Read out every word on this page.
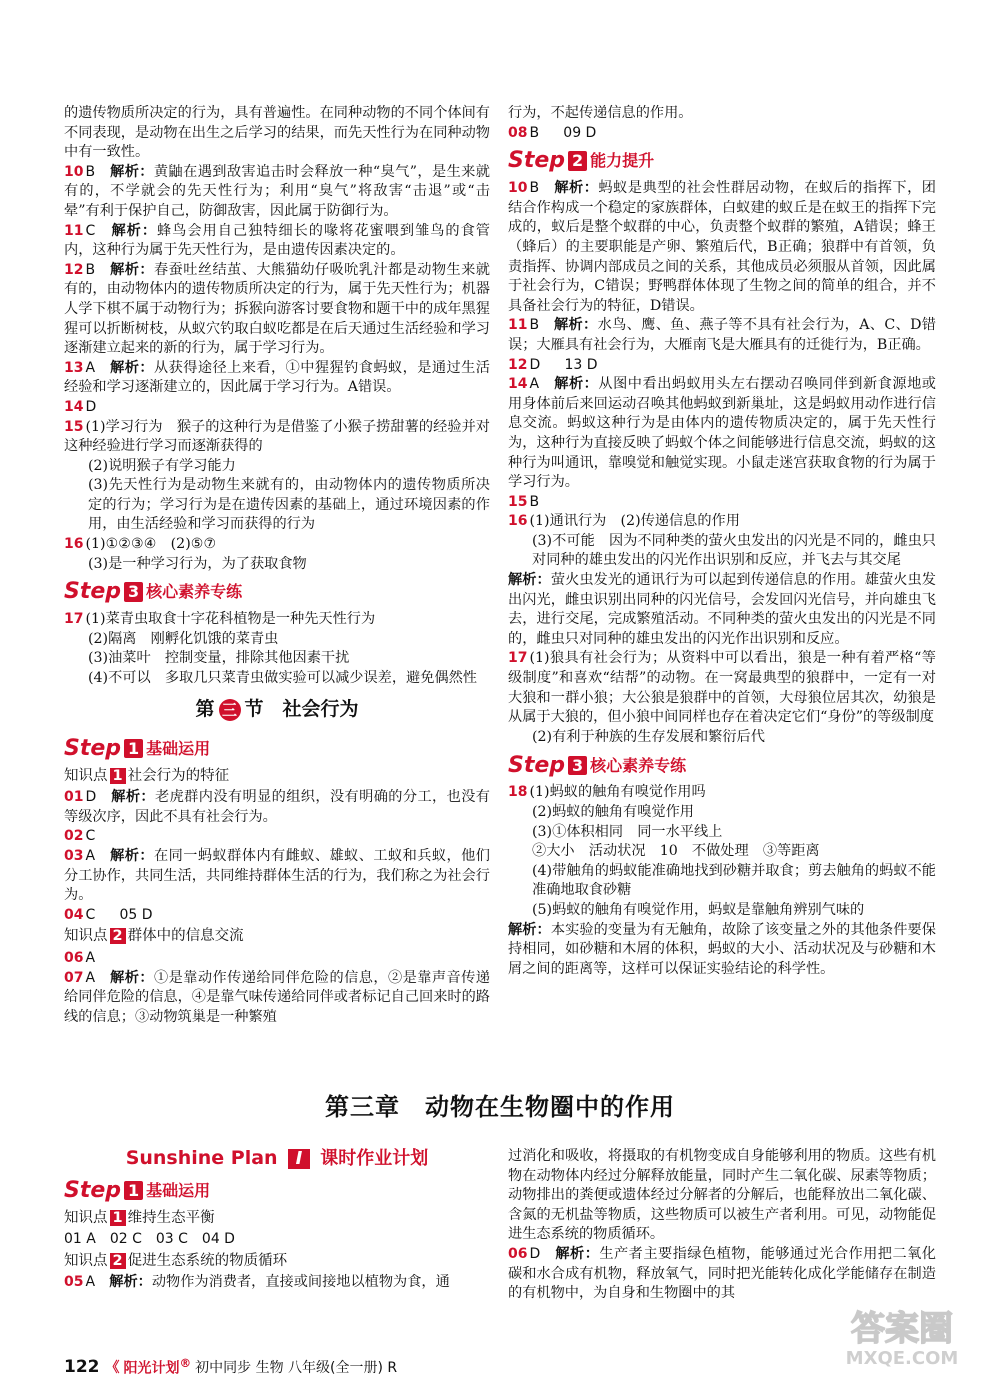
的遗传物质所决定的行为，具有普遍性。在同种动物的不同个体间有不同表现，是动物在出生之后学习的结果，而先天性行为在同种动物中有一致性。

10 B　 解析：黄鼬在遇到敌害追击时会释放一种“臭气”，是生来就有的，不学就会的先天性行为；利用“臭气”将敌害“击退”或“击晕”有利于保护自己，防御敌害，因此属于防御行为。

11 C　 解析：蜂鸟会用自己独特细长的喙将花蜜喂到雏鸟的食管内，这种行为属于先天性行为，是由遗传因素决定的。

12 B　 解析：春蚕吐丝结茧、大熊猫幼仔吸吮乳汁都是动物生来就有的，由动物体内的遗传物质所决定的行为，属于先天性行为；机器人学下棋不属于动物行为；拆猴向游客讨要食物和题干中的成年黑猩猩可以折断树枝，从蚁穴钓取白蚁吃都是在后天通过生活经验和学习逐渐建立起来的新的行为，属于学习行为。

13 A　 解析：从获得途径上来看，①中猩猩钓食蚂蚁，是通过生活经验和学习逐渐建立的，因此属于学习行为。A错误。

14 D　

15 (1)学习行为　猴子的这种行为是借鉴了小猴子捞甜薯的经验并对这种经验进行学习而逐渐获得的

(2)说明猴子有学习能力

(3)先天性行为是动物生来就有的，由动物体内的遗传物质所决定的行为；学习行为是在遗传因素的基础上，通过环境因素的作用，由生活经验和学习而获得的行为

16 (1)①②③④　(2)⑤⑦

(3)是一种学习行为，为了获取食物

Step 3 核心素养专练

17 (1)菜青虫取食十字花科植物是一种先天性行为

(2)隔离　刚孵化饥饿的菜青虫

(3)油菜叶　控制变量，排除其他因素干扰

(4)不可以　多取几只菜青虫做实验可以减少误差，避免偶然性

第 三 节　社会行为
Step 1 基础运用
知识点 1 社会行为的特征

01 D　 解析：老虎群内没有明显的组织，没有明确的分工，也没有等级次序，因此不具有社会行为。

02 C　

03 A　 解析：在同一蚂蚁群体内有雌蚁、雄蚁、工蚁和兵蚁，他们分工协作，共同生活，共同维持群体生活的行为，我们称之为社会行为。

04 C　 05 D

知识点 2 群体中的信息交流

06 A　

07 A　 解析：①是靠动作传递给同伴危险的信息，②是靠声音传递给同伴危险的信息，④是靠气味传递给同伴或者标记自己回来时的路线的信息；③动物筑巢是一种繁殖

行为，不起传递信息的作用。

08 B　 09 D

Step 2 能力提升

10 B　 解析：蚂蚁是典型的社会性群居动物，在蚁后的指挥下，团结合作构成一个稳定的家族群体，白蚁建的蚁丘是在蚁王的指挥下完成的，蚁后是整个蚁群的中心，负责整个蚁群的繁殖，A错误；蜂王（蜂后）的主要职能是产卵、繁殖后代，B正确；狼群中有首领，负责指挥、协调内部成员之间的关系，其他成员必须服从首领，因此属于社会行为，C错误；野鸭群体体现了生物之间的简单的组合，并不具备社会行为的特征，D错误。

11 B　 解析：水鸟、鹰、鱼、燕子等不具有社会行为，A、C、D错误；大雁具有社会行为，大雁南飞是大雁具有的迁徙行为，B正确。

12 D　 13 D

14 A　 解析：从图中看出蚂蚁用头左右摆动召唤同伴到新食源地或用身体前后来回运动召唤其他蚂蚁到新巢址，这是蚂蚁用动作进行信息交流。蚂蚁这种行为是由体内的遗传物质决定的，属于先天性行为，这种行为直接反映了蚂蚁个体之间能够进行信息交流，蚂蚁的这种行为叫通讯，靠嗅觉和触觉实现。小鼠走迷宫获取食物的行为属于学习行为。

15 B　

16 (1)通讯行为　(2)传递信息的作用

(3)不可能　因为不同种类的萤火虫发出的闪光是不同的，雌虫只对同种的雄虫发出的闪光作出识别和反应，并飞去与其交尾

解析：萤火虫发光的通讯行为可以起到传递信息的作用。雄萤火虫发出闪光，雌虫识别出同种的闪光信号，会发回闪光信号，并向雄虫飞去，进行交尾，完成繁殖活动。不同种类的萤火虫发出的闪光是不同的，雌虫只对同种的雄虫发出的闪光作出识别和反应。

17 (1)狼具有社会行为；从资料中可以看出，狼是一种有着严格“等级制度”和喜欢“结帮”的动物。在一窝最典型的狼群中，一定有一对大狼和一群小狼；大公狼是狼群中的首领，大母狼位居其次，幼狼是从属于大狼的，但小狼中间同样也存在着决定它们“身份”的等级制度

(2)有利于种族的生存发展和繁衍后代

Step 3 核心素养专练

18 (1)蚂蚁的触角有嗅觉作用吗

(2)蚂蚁的触角有嗅觉作用

(3)①体积相同　同一水平线上

②大小　活动状况　10　不做处理　③等距离

(4)带触角的蚂蚁能准确地找到砂糖并取食；剪去触角的蚂蚁不能准确地取食砂糖

(5)蚂蚁的触角有嗅觉作用，蚂蚁是靠触角辨别气味的

解析：本实验的变量为有无触角，故除了该变量之外的其他条件要保持相同，如砂糖和木屑的体积，蚂蚁的大小、活动状况及与砂糖和木屑之间的距离等，这样可以保证实验结论的科学性。

第三章　动物在生物圈中的作用
Sunshine Plan	I	课时作业计划
Step 1 基础运用
知识点 1 维持生态平衡

01 A　02 C　03 C　04 D

知识点 2 促进生态系统的物质循环

05 A　 解析：动物作为消费者，直接或间接地以植物为食，通

过消化和吸收，将摄取的有机物变成自身能够利用的物质。这些有机物在动物体内经过分解释放能量，同时产生二氧化碳、尿素等物质；动物排出的粪便或遗体经过分解者的分解后，也能释放出二氧化碳、含氮的无机盐等物质，这些物质可以被生产者利用。可见，动物能促进生态系统的物质循环。

06 D　 解析：生产者主要指绿色植物，能够通过光合作用把二氧化碳和水合成有机物，释放氧气，同时把光能转化成化学能储存在制造的有机物中，为自身和生物圈中的其

122 《 阳光计划® 初中同步 生物 八年级(全一册) R
答案圈
MXQE.COM
